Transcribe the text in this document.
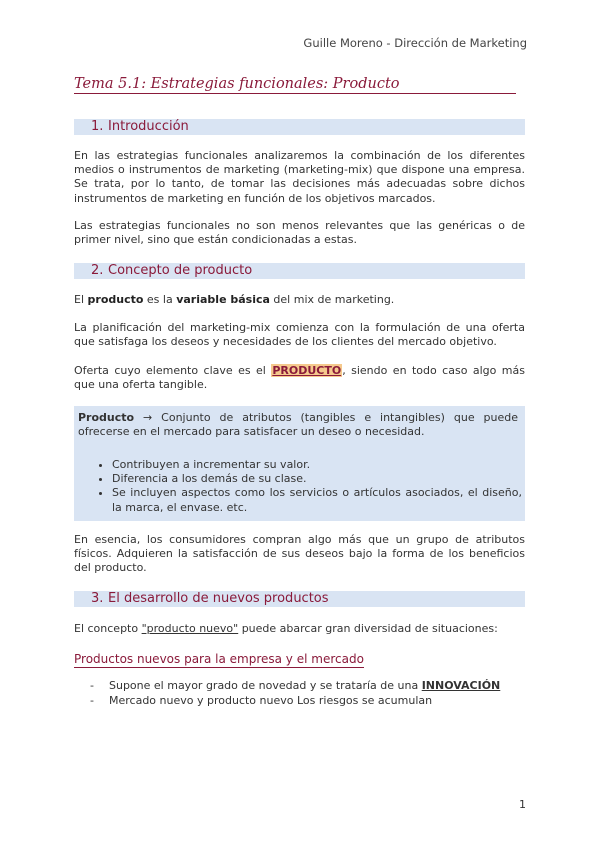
Guille Moreno - Dirección de Marketing
Tema 5.1: Estrategias funcionales: Producto
1. Introducción
En las estrategias funcionales analizaremos la combinación de los diferentes medios o instrumentos de marketing (marketing-mix) que dispone una empresa. Se trata, por lo tanto, de tomar las decisiones más adecuadas sobre dichos instrumentos de marketing en función de los objetivos marcados.
Las estrategias funcionales no son menos relevantes que las genéricas o de primer nivel, sino que están condicionadas a estas.
2. Concepto de producto
El producto es la variable básica del mix de marketing.
La planificación del marketing-mix comienza con la formulación de una oferta que satisfaga los deseos y necesidades de los clientes del mercado objetivo.
Oferta cuyo elemento clave es el PRODUCTO, siendo en todo caso algo más que una oferta tangible.
Producto → Conjunto de atributos (tangibles e intangibles) que puede ofrecerse en el mercado para satisfacer un deseo o necesidad.
• Contribuyen a incrementar su valor.
• Diferencia a los demás de su clase.
• Se incluyen aspectos como los servicios o artículos asociados, el diseño, la marca, el envase. etc.
En esencia, los consumidores compran algo más que un grupo de atributos físicos. Adquieren la satisfacción de sus deseos bajo la forma de los beneficios del producto.
3. El desarrollo de nuevos productos
El concepto "producto nuevo" puede abarcar gran diversidad de situaciones:
Productos nuevos para la empresa y el mercado
- Supone el mayor grado de novedad y se trataría de una INNOVACIÓN
- Mercado nuevo y producto nuevo Los riesgos se acumulan
1
